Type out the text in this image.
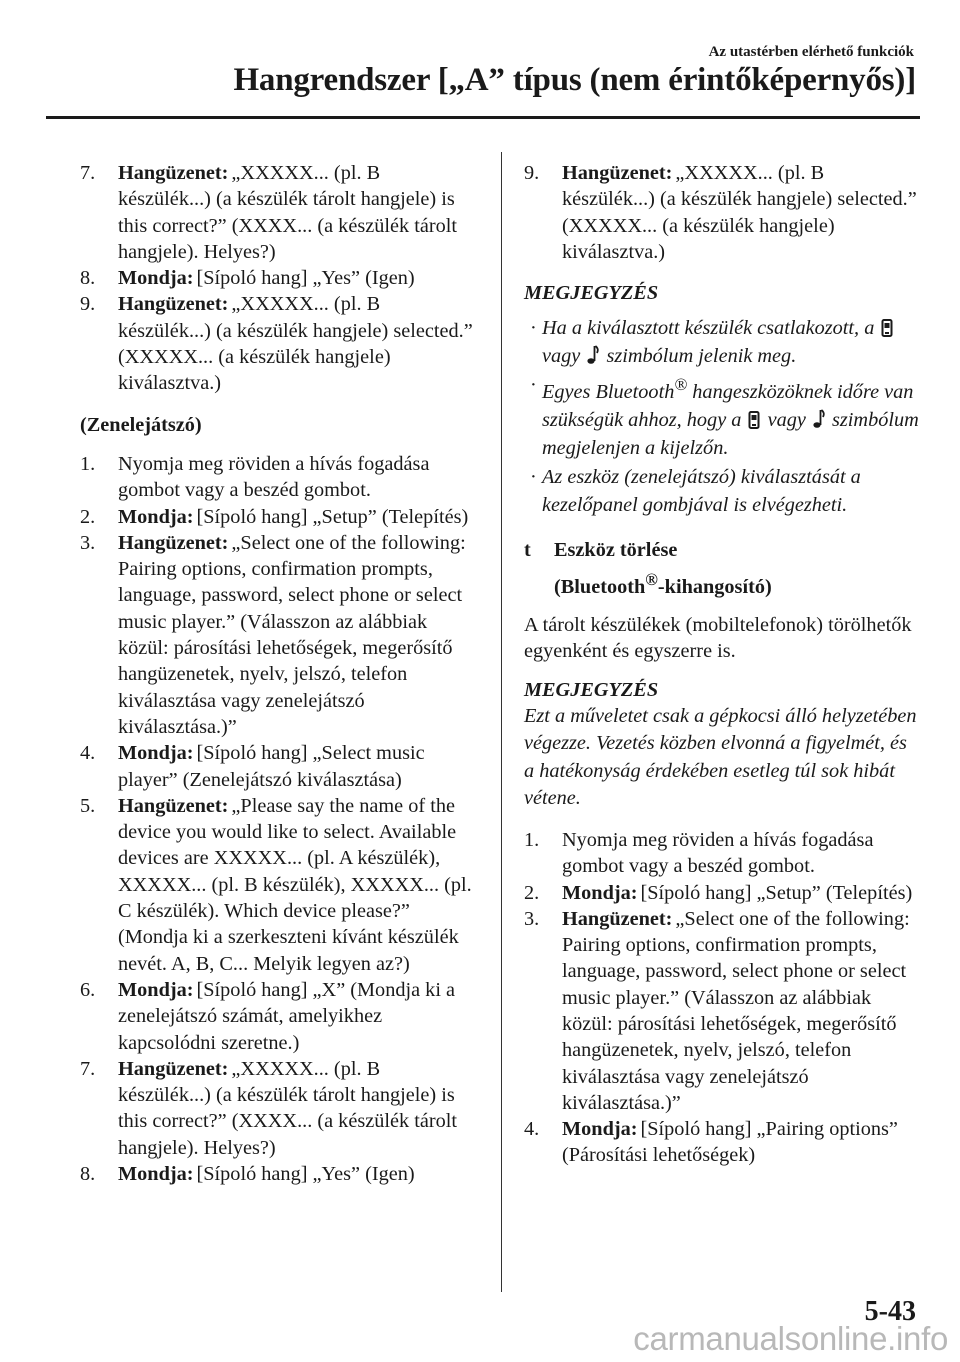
Az utastérben elérhető funkciók
Hangrendszer [„A” típus (nem érintőképernyős)]
7. Hangüzenet: „XXXXX... (pl. B készülék...) (a készülék tárolt hangjele) is this correct?” (XXXX... (a készülék tárolt hangjele). Helyes?)
8. Mondja: [Sípoló hang] „Yes” (Igen)
9. Hangüzenet: „XXXXX... (pl. B készülék...) (a készülék hangjele) selected.” (XXXXX... (a készülék hangjele) kiválasztva.)
(Zenelejátszó)
1. Nyomja meg röviden a hívás fogadása gombot vagy a beszéd gombot.
2. Mondja: [Sípoló hang] „Setup” (Telepítés)
3. Hangüzenet: „Select one of the following: Pairing options, confirmation prompts, language, password, select phone or select music player.” (Válasszon az alábbiak közül: párosítási lehetőségek, megerősítő hangüzenetek, nyelv, jelszó, telefon kiválasztása vagy zenelejátszó kiválasztása.)”
4. Mondja: [Sípoló hang] „Select music player” (Zenelejátszó kiválasztása)
5. Hangüzenet: „Please say the name of the device you would like to select. Available devices are XXXXX... (pl. A készülék), XXXXX... (pl. B készülék), XXXXX... (pl. C készülék). Which device please?” (Mondja ki a szerkeszteni kívánt készülék nevét. A, B, C... Melyik legyen az?)
6. Mondja: [Sípoló hang] „X” (Mondja ki a zenelejátszó számát, amelyikhez kapcsolódni szeretne.)
7. Hangüzenet: „XXXXX... (pl. B készülék...) (a készülék tárolt hangjele) is this correct?” (XXXX... (a készülék tárolt hangjele). Helyes?)
8. Mondja: [Sípoló hang] „Yes” (Igen)
9. Hangüzenet: „XXXXX... (pl. B készülék...) (a készülék hangjele) selected.” (XXXXX... (a készülék hangjele) kiválasztva.)
MEGJEGYZÉS
· Ha a kiválasztott készülék csatlakozott, a  vagy szimbólum jelenik meg.
· Egyes Bluetooth® hangeszközöknek időre van szükségük ahhoz, hogy a vagy szimbólum megjelenjen a kijelzőn.
· Az eszköz (zenelejátszó) kiválasztását a kezelőpanel gombjával is elvégezheti.
t Eszköz törlése
(Bluetooth®-kihangosító)

A tárolt készülékek (mobiltelefonok) törölhetők egyenként és egyszerre is.

MEGJEGYZÉS

Ezt a műveletet csak a gépkocsi álló helyzetében végezze. Vezetés közben elvonná a figyelmét, és a hatékonyság érdekében esetleg túl sok hibát vétene.

1. Nyomja meg röviden a hívás fogadása gombot vagy a beszéd gombot.
2. Mondja: [Sípoló hang] „Setup” (Telepítés)
3. Hangüzenet: „Select one of the following: Pairing options, confirmation prompts, language, password, select phone or select music player.” (Válasszon az alábbiak közül: párosítási lehetőségek, megerősítő hangüzenetek, nyelv, jelszó, telefon kiválasztása vagy zenelejátszó kiválasztása.)”
4. Mondja: [Sípoló hang] „Pairing options” (Párosítási lehetőségek)
5-43
carmanualsonline.info
